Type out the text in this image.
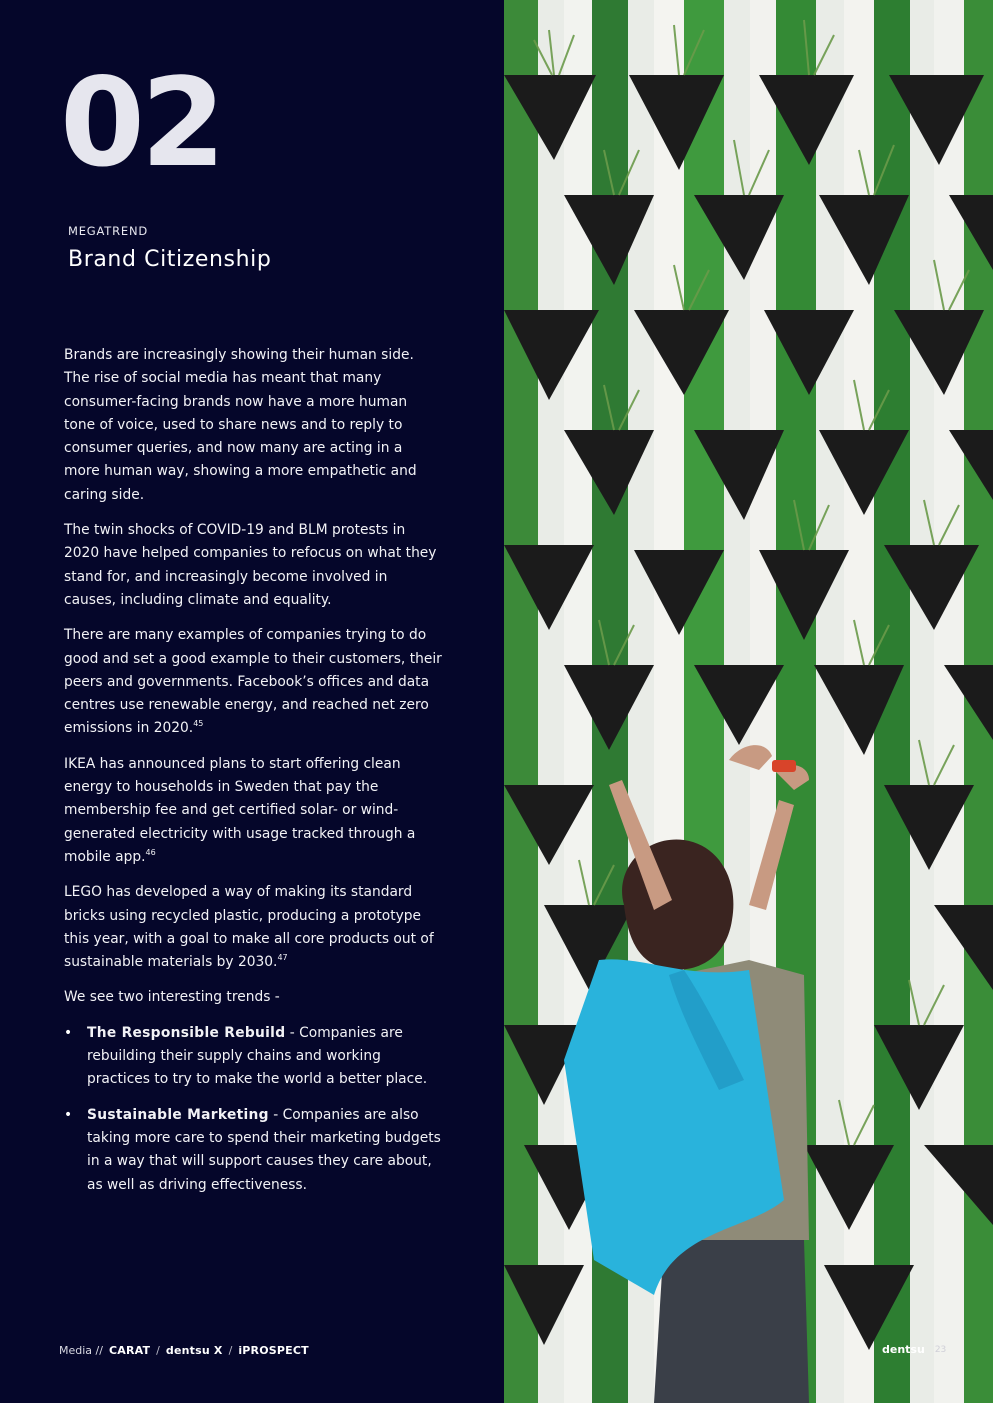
02
MEGATREND
Brand Citizenship

Brands are increasingly showing their human side. The rise of social media has meant that many consumer-facing brands now have a more human tone of voice, used to share news and to reply to consumer queries, and now many are acting in a more human way, showing a more empathetic and caring side.

The twin shocks of COVID-19 and BLM protests in 2020 have helped companies to refocus on what they stand for, and increasingly become involved in causes, including climate and equality.

There are many examples of companies trying to do good and set a good example to their customers, their peers and governments. Facebook’s offices and data centres use renewable energy, and reached net zero emissions in 2020.45

IKEA has announced plans to start offering clean energy to households in Sweden that pay the membership fee and get certified solar- or wind-generated electricity with usage tracked through a mobile app.$^{46}$

LEGO has developed a way of making its standard bricks using recycled plastic, producing a prototype this year, with a goal to make all core products out of sustainable materials by 2030.47

We see two interesting trends -

• The Responsible Rebuild - Companies are rebuilding their supply chains and working practices to try to make the world a better place.
• Sustainable Marketing - Companies are also taking more care to spend their marketing budgets in a way that will support causes they care about, as well as driving effectiveness.
Media // CARAT / dentsu X / iPROSPECT	dentsu 23
